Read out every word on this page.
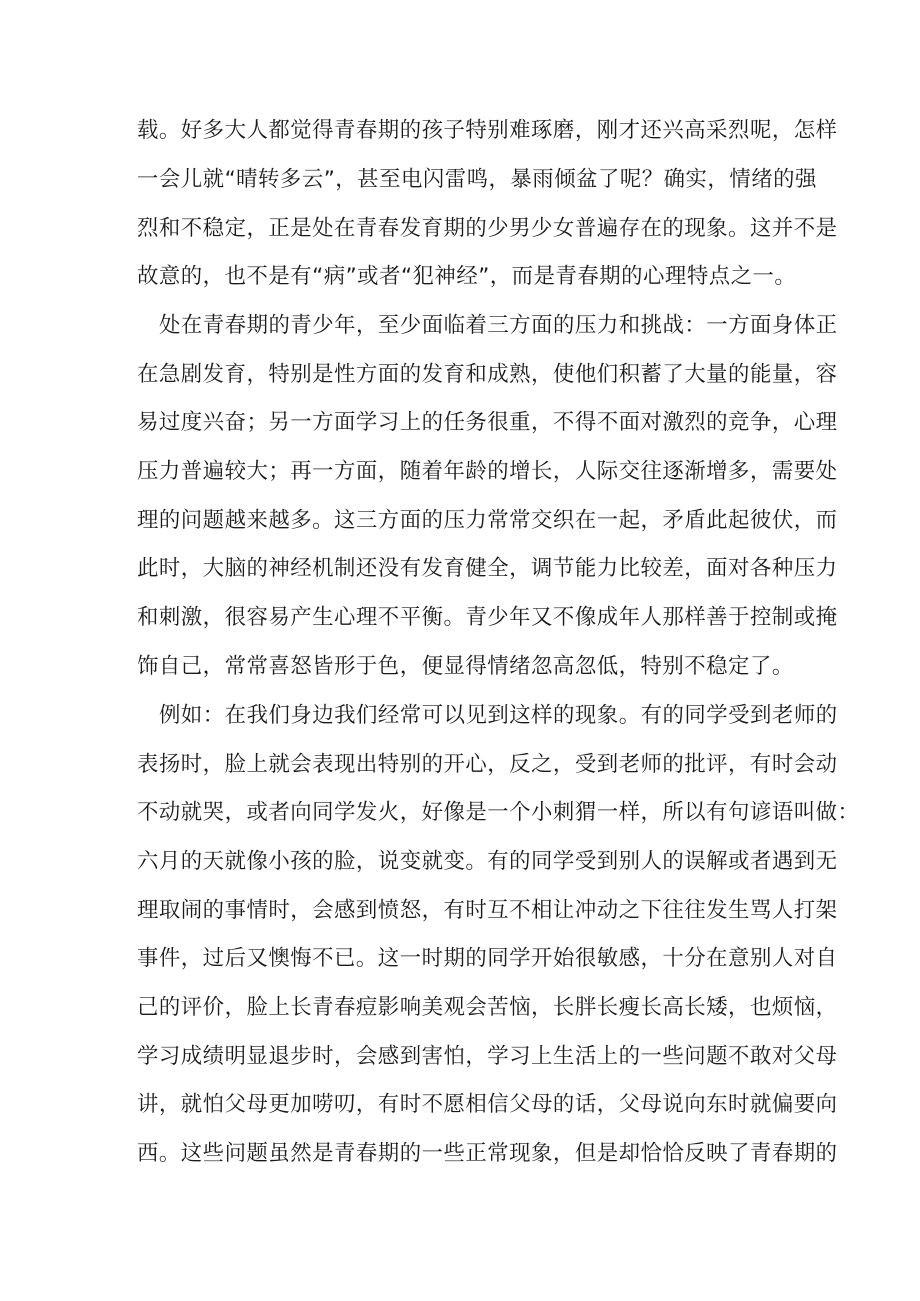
载。好多大人都觉得青春期的孩子特别难琢磨，刚才还兴高采烈呢，怎样
一会儿就“晴转多云”，甚至电闪雷鸣，暴雨倾盆了呢？确实，情绪的强
烈和不稳定，正是处在青春发育期的少男少女普遍存在的现象。这并不是
故意的，也不是有“病”或者“犯神经”，而是青春期的心理特点之一。
处在青春期的青少年，至少面临着三方面的压力和挑战：一方面身体正
在急剧发育，特别是性方面的发育和成熟，使他们积蓄了大量的能量，容
易过度兴奋；另一方面学习上的任务很重，不得不面对激烈的竞争，心理
压力普遍较大；再一方面，随着年龄的增长，人际交往逐渐增多，需要处
理的问题越来越多。这三方面的压力常常交织在一起，矛盾此起彼伏，而
此时，大脑的神经机制还没有发育健全，调节能力比较差，面对各种压力
和刺激，很容易产生心理不平衡。青少年又不像成年人那样善于控制或掩
饰自己，常常喜怒皆形于色，便显得情绪忽高忽低，特别不稳定了。
例如：在我们身边我们经常可以见到这样的现象。有的同学受到老师的
表扬时，脸上就会表现出特别的开心，反之，受到老师的批评，有时会动
不动就哭，或者向同学发火，好像是一个小刺猬一样，所以有句谚语叫做：
六月的天就像小孩的脸，说变就变。有的同学受到别人的误解或者遇到无
理取闹的事情时，会感到愤怒，有时互不相让冲动之下往往发生骂人打架
事件，过后又懊悔不已。这一时期的同学开始很敏感，十分在意别人对自
己的评价，脸上长青春痘影响美观会苦恼，长胖长瘦长高长矮，也烦恼，
学习成绩明显退步时，会感到害怕，学习上生活上的一些问题不敢对父母
讲，就怕父母更加唠叨，有时不愿相信父母的话，父母说向东时就偏要向
西。这些问题虽然是青春期的一些正常现象，但是却恰恰反映了青春期的
